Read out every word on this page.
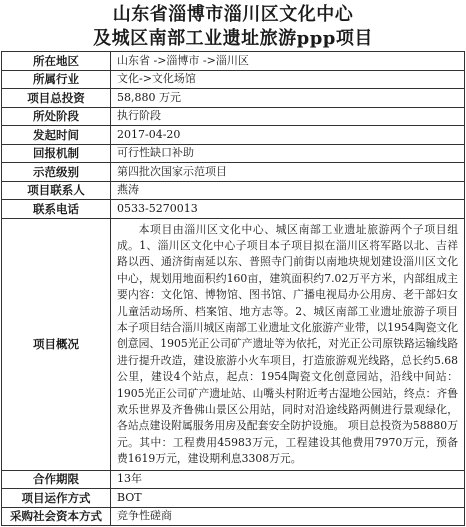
山东省淄博市淄川区文化中心
及城区南部工业遗址旅游ppp项目
所在地区	山东省 ->淄博市 ->淄川区
所属行业	文化->文化场馆
项目总投资	58,880 万元
所处阶段	执行阶段
发起时间	2017-04-20
回报机制	可行性缺口补助
示范级别	第四批次国家示范项目
项目联系人	燕涛
联系电话	0533-5270013
项目概况	本项目由淄川区文化中心、城区南部工业遗址旅游两个子项目组成。1、淄川区文化中心子项目本子项目拟在淄川区将军路以北、吉祥路以西、通济街南延以东、普照寺门前街以南地块规划建设淄川区文化中心，规划用地面积约160亩，建筑面积约7.02万平方米，内部组成主要内容：文化馆、博物馆、图书馆、广播电视局办公用房、老干部妇女儿童活动场所、档案馆、地方志等。2、城区南部工业遗址旅游子项目本子项目结合淄川城区南部工业遗址文化旅游产业带，以1954陶瓷文化创意园、1905光正公司矿产遗址等为依托，对光正公司原铁路运输线路进行提升改造，建设旅游小火车项目，打造旅游观光线路，总长约5.68公里，建设4个站点，起点：1954陶瓷文化创意园站，沿线中间站：1905光正公司矿产遗址站、山嘴头村附近考古湿地公园站，终点：齐鲁欢乐世界及齐鲁佛山景区公用站，同时对沿途线路两侧进行景观绿化，各站点建设附属服务用房及配套安全防护设施。 项目总投资为58880万元。其中：工程费用45983万元，工程建设其他费用7970万元，预备费1619万元，建设期利息3308万元。
合作期限	13年
项目运作方式	BOT
采购社会资本方式	竞争性磋商
